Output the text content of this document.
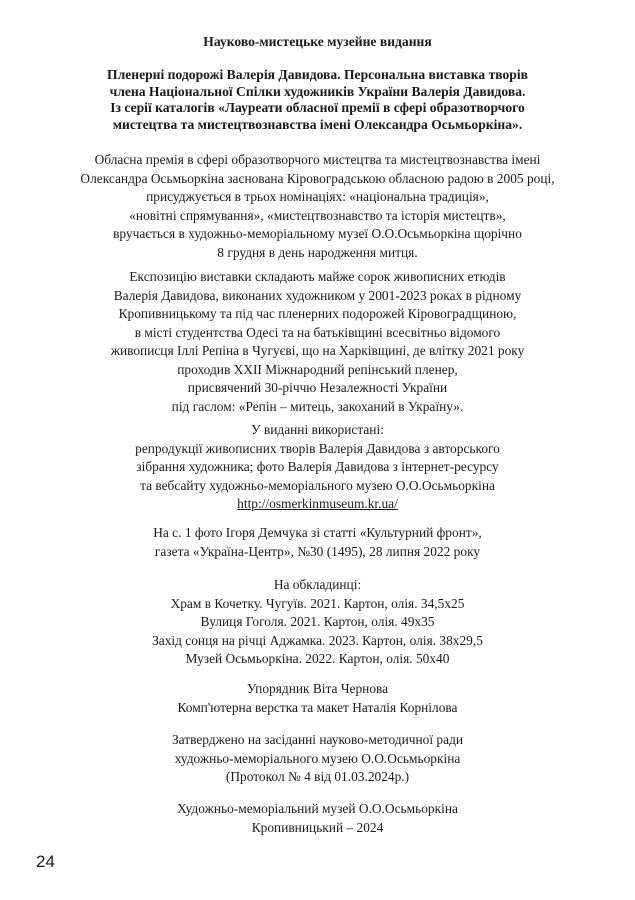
Науково-мистецьке музейне видання
Пленерні подорожі Валерія Давидова. Персональна виставка творів
члена Національної Спілки художників України Валерія Давидова.
Із серії каталогів «Лауреати обласної премії в сфері образотворчого
мистецтва та мистецтвознавства імені Олександра Осьмьоркіна».
Обласна премія в сфері образотворчого мистецтва та мистецтвознавства імені
Олександра Осьмьоркіна заснована Кіровоградською обласною радою в 2005 році,
присуджується в трьох номінаціях: «національна традиція»,
«новітні спрямування», «мистецтвознавство та історія мистецтв»,
вручається в художньо-меморіальному музеї О.О.Осьмьоркіна щорічно
8 грудня в день народження митця.
Експозицію виставки складають майже сорок живописних етюдів
Валерія Давидова, виконаних художником у 2001-2023 роках в рідному
Кропивницькому та під час пленерних подорожей Кіровоградщиною,
в місті студентства Одесі та на батьківщині всесвітньо відомого
живописця Іллі Репіна в Чугуєві, що на Харківщині, де влітку 2021 року
проходив XXII Міжнародний репінський пленер,
присвячений 30-річчю Незалежності України
під гаслом: «Репін – митець, закоханий в Україну».
У виданні використані:
репродукції живописних творів Валерія Давидова з авторського
зібрання художника; фото Валерія Давидова з інтернет-ресурсу
та вебсайту художньо-меморіального музею О.О.Осьмьоркіна
http://osmerkinmuseum.kr.ua/
На с. 1 фото Ігоря Демчука зі статті «Культурний фронт»,
газета «Україна-Центр», №30 (1495), 28 липня 2022 року
На обкладинці:
Храм в Кочетку. Чугуїв. 2021. Картон, олія. 34,5х25
Вулиця Гоголя. 2021. Картон, олія. 49х35
Захід сонця на річці Аджамка. 2023. Картон, олія. 38х29,5
Музей Осьмьоркіна. 2022. Картон, олія. 50х40
Упорядник Віта Чернова
Комп'ютерна верстка та макет Наталія Корнілова
Затверджено на засіданні науково-методичної ради
художньо-меморіального музею О.О.Осьмьоркіна
(Протокол № 4 від 01.03.2024р.)
Художньо-меморіальний музей О.О.Осьмьоркіна
Кропивницький – 2024
24
